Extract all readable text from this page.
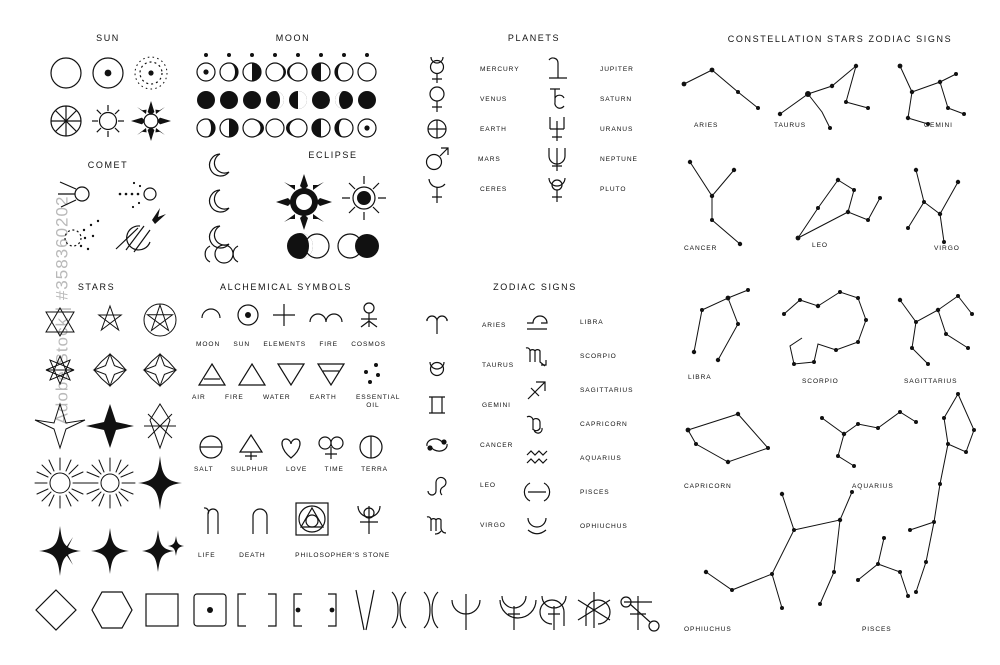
Adobe Stock | #358360202
SUN
COMET
STARS
MOON
ECLIPSE
ALCHEMICAL SYMBOLS
MOON SUN ELEMENTS FIRE COSMOS
AIR	FIRE	WATER	EARTH	ESSENTIAL OIL
SALT	SULPHUR	LOVE	TIME	TERRA
LIFE	DEATH	PHILOSOPHER'S STONE
PLANETS
MERCURY
VENUS
EARTH
MARS
CERES
JUPITER
SATURN
URANUS
NEPTUNE
PLUTO
ZODIAC SIGNS
ARIES
TAURUS
GEMINI
CANCER
LEO
VIRGO
LIBRA
SCORPIO
SAGITTARIUS
CAPRICORN
AQUARIUS
PISCES
OPHIUCHUS
CONSTELLATION STARS ZODIAC SIGNS
ARIES	TAURUS	GEMINI
CANCER	LEO	VIRGO
LIBRA
SCORPIO	SAGITTARIUS
CAPRICORN	AQUARIUS
OPHIUCHUS	PISCES
